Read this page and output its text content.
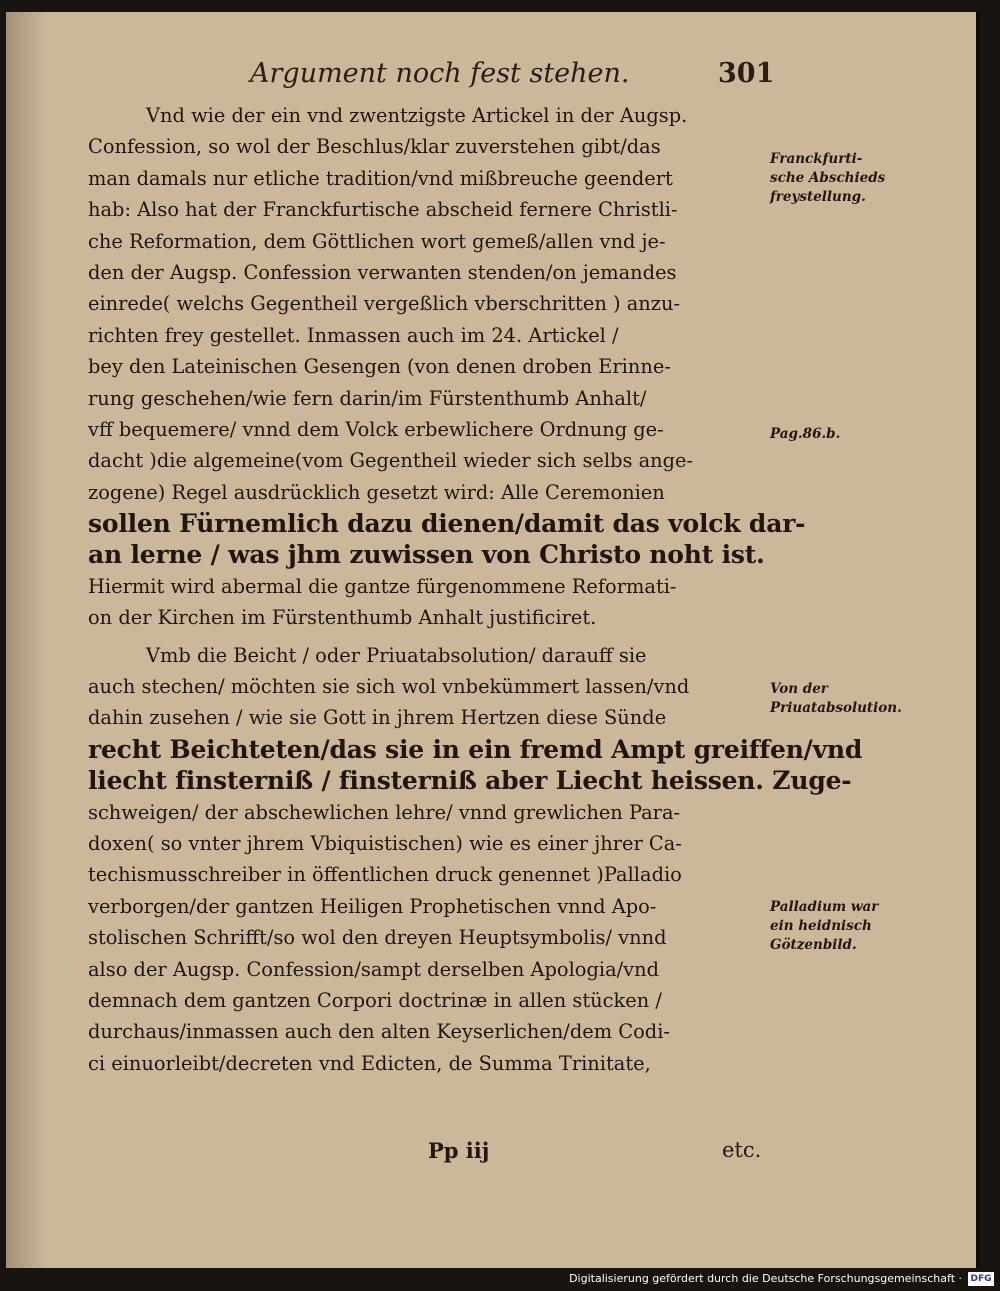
Argument noch fest stehen.	301
Vnd wie der ein vnd zwentzigste Artickel in der Augsp.
Confession, so wol der Beschlus/klar zuverstehen gibt/das
man damals nur etliche tradition/vnd mißbreuche geendert
hab: Also hat der Franckfurtische abscheid fernere Christli-
che Reformation, dem Göttlichen wort gemeß/allen vnd je-
den der Augsp. Confession verwanten stenden/on jemandes
einrede( welchs Gegentheil vergeßlich vberschritten ) anzu-
richten frey gestellet. Inmassen auch im 24. Artickel /
bey den Lateinischen Gesengen (von denen droben Erinne-
rung geschehen/wie fern darin/im Fürstenthumb Anhalt/
vff bequemere/ vnnd dem Volck erbewlichere Ordnung ge-
dacht )die algemeine(vom Gegentheil wieder sich selbs ange-
zogene) Regel ausdrücklich gesetzt wird: Alle Ceremonien
sollen Fürnemlich dazu dienen/damit das volck dar-
an lerne / was jhm zuwissen von Christo noht ist.
Hiermit wird abermal die gantze fürgenommene Reformati-
on der Kirchen im Fürstenthumb Anhalt justificiret.
Vmb die Beicht / oder Priuatabsolution/ darauff sie
auch stechen/ möchten sie sich wol vnbekümmert lassen/vnd
dahin zusehen / wie sie Gott in jhrem Hertzen diese Sünde
recht Beichteten/das sie in ein fremd Ampt greiffen/vnd
liecht finsterniß / finsterniß aber Liecht heissen. Zuge-
schweigen/ der abschewlichen lehre/ vnnd grewlichen Para-
doxen( so vnter jhrem Vbiquistischen) wie es einer jhrer Ca-
techismusschreiber in öffentlichen druck genennet )Palladio
verborgen/der gantzen Heiligen Prophetischen vnnd Apo-
stolischen Schrifft/so wol den dreyen Heuptsymbolis/ vnnd
also der Augsp. Confession/sampt derselben Apologia/vnd
demnach dem gantzen Corpori doctrinæ in allen stücken /
durchaus/inmassen auch den alten Keyserlichen/dem Codi-
ci einuorleibt/decreten vnd Edicten, de Summa Trinitate,
Franckfurti-sche Abschieds freystellung.
Pag.86.b.
Von der Priuatabsolution.
Palladium war ein heidnisch Götzenbild.
Pp iij	etc.
Digitalisierung gefördert durch die Deutsche Forschungsgemeinschaft · DFG
